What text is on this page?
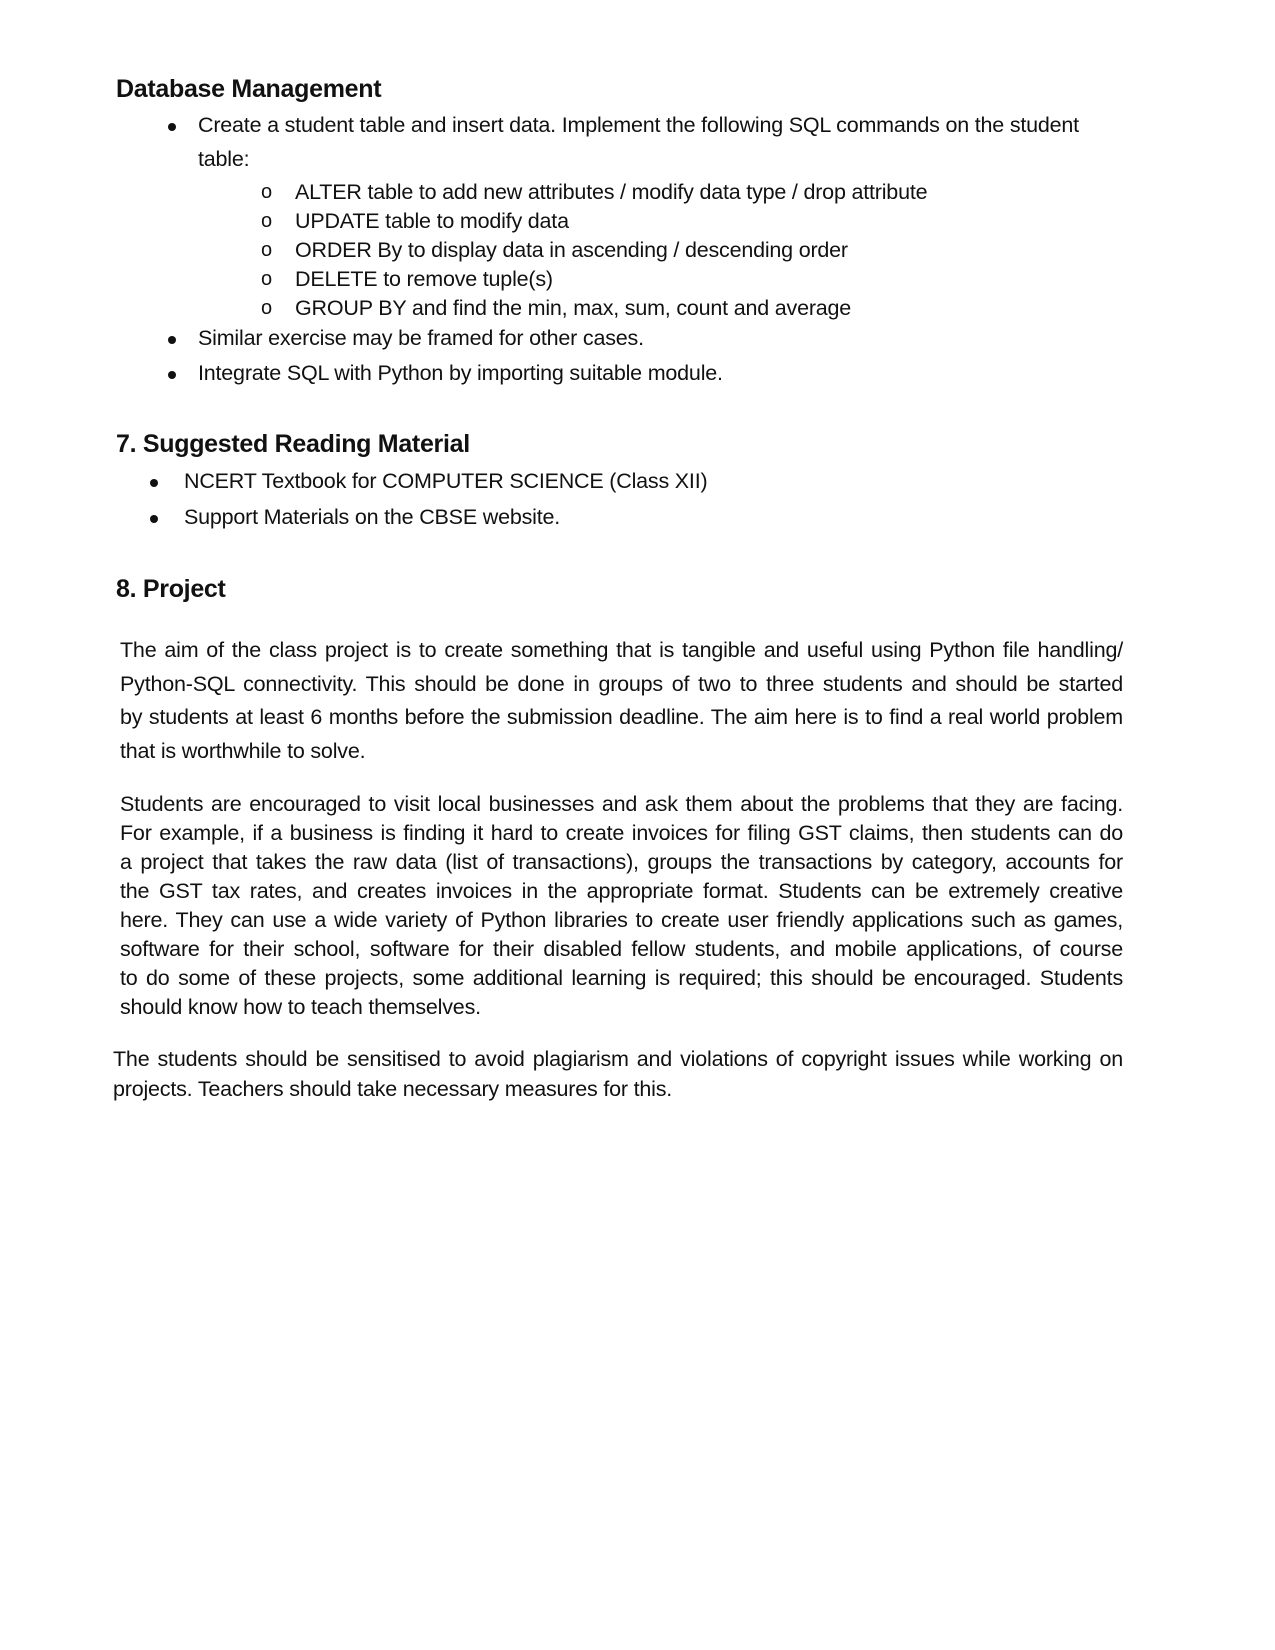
Database Management
Create a student table and insert data. Implement the following SQL commands on the student
table:
o ALTER table to add new attributes / modify data type / drop attribute
o UPDATE table to modify data
o ORDER By to display data in ascending / descending order
o DELETE to remove tuple(s)
o GROUP BY and find the min, max, sum, count and average
Similar exercise may be framed for other cases.
Integrate SQL with Python by importing suitable module.
7. Suggested Reading Material
NCERT Textbook for COMPUTER SCIENCE (Class XII)
Support Materials on the CBSE website.
8. Project
The aim of the class project is to create something that is tangible and useful using Python file handling/
Python-SQL connectivity. This should be done in groups of two to three students and should be started
by students at least 6 months before the submission deadline. The aim here is to find a real world problem
that is worthwhile to solve.
Students are encouraged to visit local businesses and ask them about the problems that they are facing.
For example, if a business is finding it hard to create invoices for filing GST claims, then students can do
a project that takes the raw data (list of transactions), groups the transactions by category, accounts for
the GST tax rates, and creates invoices in the appropriate format. Students can be extremely creative
here. They can use a wide variety of Python libraries to create user friendly applications such as games,
software for their school, software for their disabled fellow students, and mobile applications, of course
to do some of these projects, some additional learning is required; this should be encouraged. Students
should know how to teach themselves.
The students should be sensitised to avoid plagiarism and violations of copyright issues while working on
projects. Teachers should take necessary measures for this.
